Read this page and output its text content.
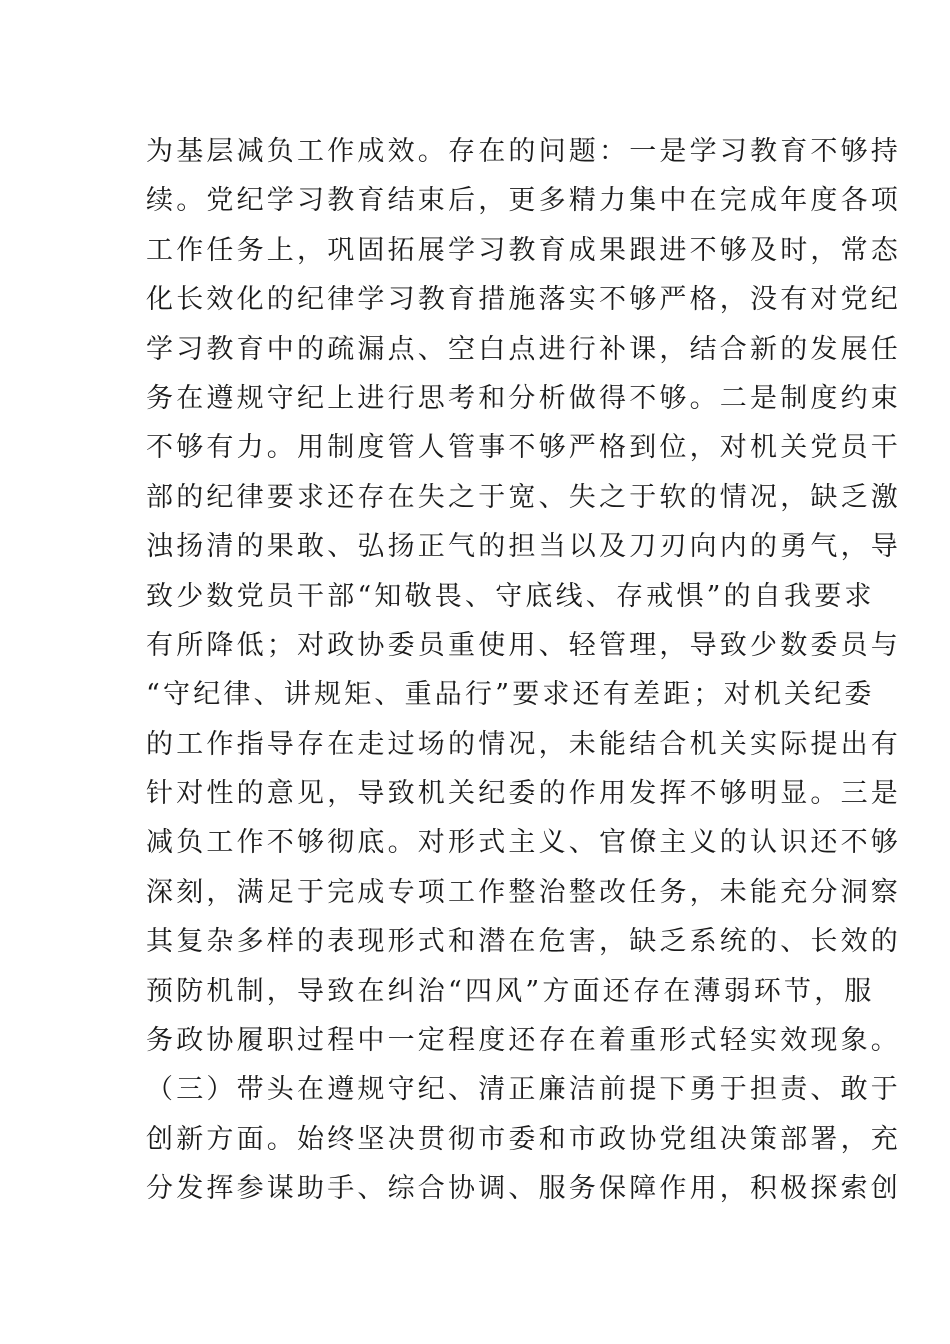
为基层减负工作成效。存在的问题：一是学习教育不够持
续。党纪学习教育结束后，更多精力集中在完成年度各项
工作任务上，巩固拓展学习教育成果跟进不够及时，常态
化长效化的纪律学习教育措施落实不够严格，没有对党纪
学习教育中的疏漏点、空白点进行补课，结合新的发展任
务在遵规守纪上进行思考和分析做得不够。二是制度约束
不够有力。用制度管人管事不够严格到位，对机关党员干
部的纪律要求还存在失之于宽、失之于软的情况，缺乏激
浊扬清的果敢、弘扬正气的担当以及刀刃向内的勇气，导
致少数党员干部“知敬畏、守底线、存戒惧”的自我要求
有所降低；对政协委员重使用、轻管理，导致少数委员与
“守纪律、讲规矩、重品行”要求还有差距；对机关纪委
的工作指导存在走过场的情况，未能结合机关实际提出有
针对性的意见，导致机关纪委的作用发挥不够明显。三是
减负工作不够彻底。对形式主义、官僚主义的认识还不够
深刻，满足于完成专项工作整治整改任务，未能充分洞察
其复杂多样的表现形式和潜在危害，缺乏系统的、长效的
预防机制，导致在纠治“四风”方面还存在薄弱环节，服
务政协履职过程中一定程度还存在着重形式轻实效现象。
（三）带头在遵规守纪、清正廉洁前提下勇于担责、敢于
创新方面。始终坚决贯彻市委和市政协党组决策部署，充
分发挥参谋助手、综合协调、服务保障作用，积极探索创
